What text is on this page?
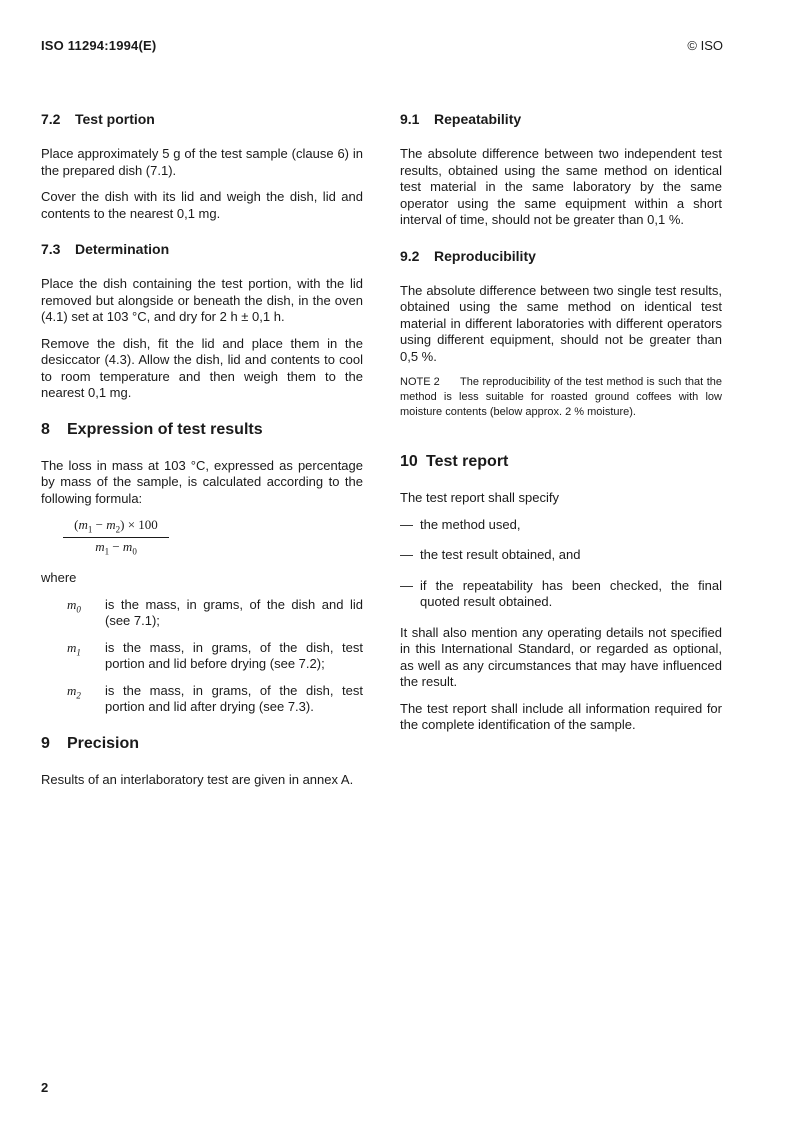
ISO 11294:1994(E)	© ISO
7.2 Test portion

Place approximately 5 g of the test sample (clause 6) in the prepared dish (7.1).

Cover the dish with its lid and weigh the dish, lid and contents to the nearest 0,1 mg.

7.3 Determination

Place the dish containing the test portion, with the lid removed but alongside or beneath the dish, in the oven (4.1) set at 103 °C, and dry for 2 h ± 0,1 h.

Remove the dish, fit the lid and place them in the desiccator (4.3). Allow the dish, lid and contents to cool to room temperature and then weigh them to the nearest 0,1 mg.

8 Expression of test results

The loss in mass at 103 °C, expressed as percentage by mass of the sample, is calculated according to the following formula:

$(m_1 - m_2) \times 100$
$m_1 - m_0$

where

$m_0$	is the mass, in grams, of the dish and lid (see 7.1);
$m_1$	is the mass, in grams, of the dish, test portion and lid before drying (see 7.2);
$m_2$	is the mass, in grams, of the dish, test portion and lid after drying (see 7.3).
9 Precision

Results of an interlaboratory test are given in annex A.

9.1 Repeatability

The absolute difference between two independent test results, obtained using the same method on identical test material in the same laboratory by the same operator using the same equipment within a short interval of time, should not be greater than 0,1 %.

9.2 Reproducibility

The absolute difference between two single test results, obtained using the same method on identical test material in different laboratories with different operators using different equipment, should not be greater than 0,5 %.

NOTE 2 The reproducibility of the test method is such that the method is less suitable for roasted ground coffees with low moisture contents (below approx. 2 % moisture).

10 Test report

The test report shall specify

— the method used,
— the test result obtained, and
— if the repeatability has been checked, the final quoted result obtained.

It shall also mention any operating details not specified in this International Standard, or regarded as optional, as well as any circumstances that may have influenced the result.

The test report shall include all information required for the complete identification of the sample.

2
